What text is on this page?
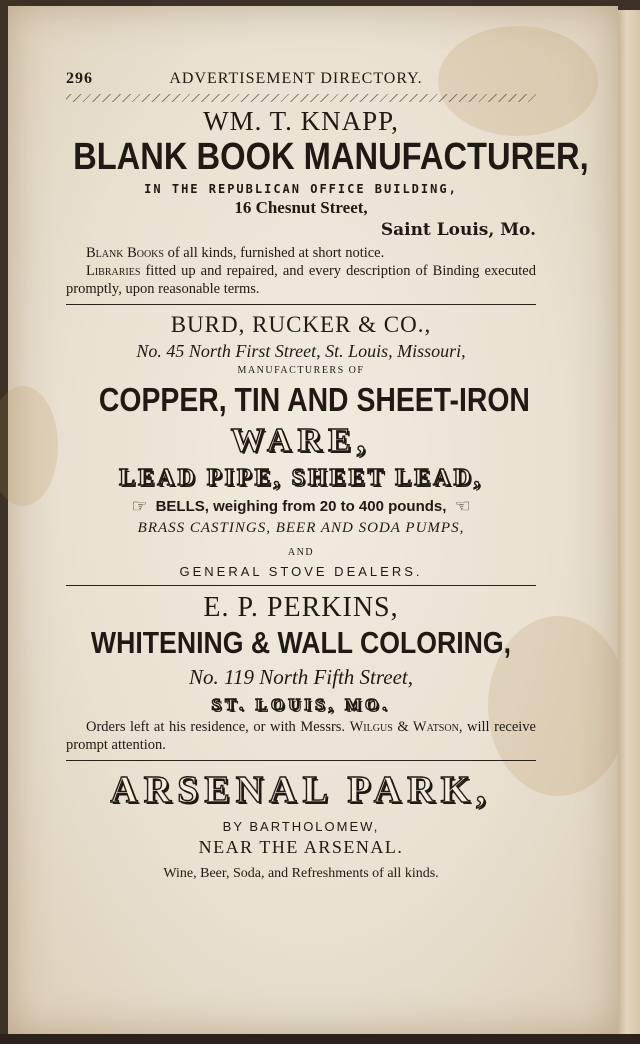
296	ADVERTISEMENT DIRECTORY.
WM. T. KNAPP,
BLANK BOOK MANUFACTURER,
IN THE REPUBLICAN OFFICE BUILDING,
16 Chesnut Street,
Saint Louis, Mo.
Blank Books of all kinds, furnished at short notice.
Libraries fitted up and repaired, and every description of Binding executed promptly, upon reasonable terms.
BURD, RUCKER & CO.,
No. 45 North First Street, St. Louis, Missouri,
MANUFACTURERS OF
COPPER, TIN AND SHEET-IRON
WARE,
LEAD PIPE, SHEET LEAD,
☞ BELLS, weighing from 20 to 400 pounds, ☜
BRASS CASTINGS, BEER AND SODA PUMPS,
AND
GENERAL STOVE DEALERS.
E. P. PERKINS,
WHITENING & WALL COLORING,
No. 119 North Fifth Street,
ST. LOUIS, MO.
Orders left at his residence, or with Messrs. Wilgus & Watson, will receive prompt attention.
ARSENAL PARK,
BY BARTHOLOMEW,
NEAR THE ARSENAL.
Wine, Beer, Soda, and Refreshments of all kinds.
